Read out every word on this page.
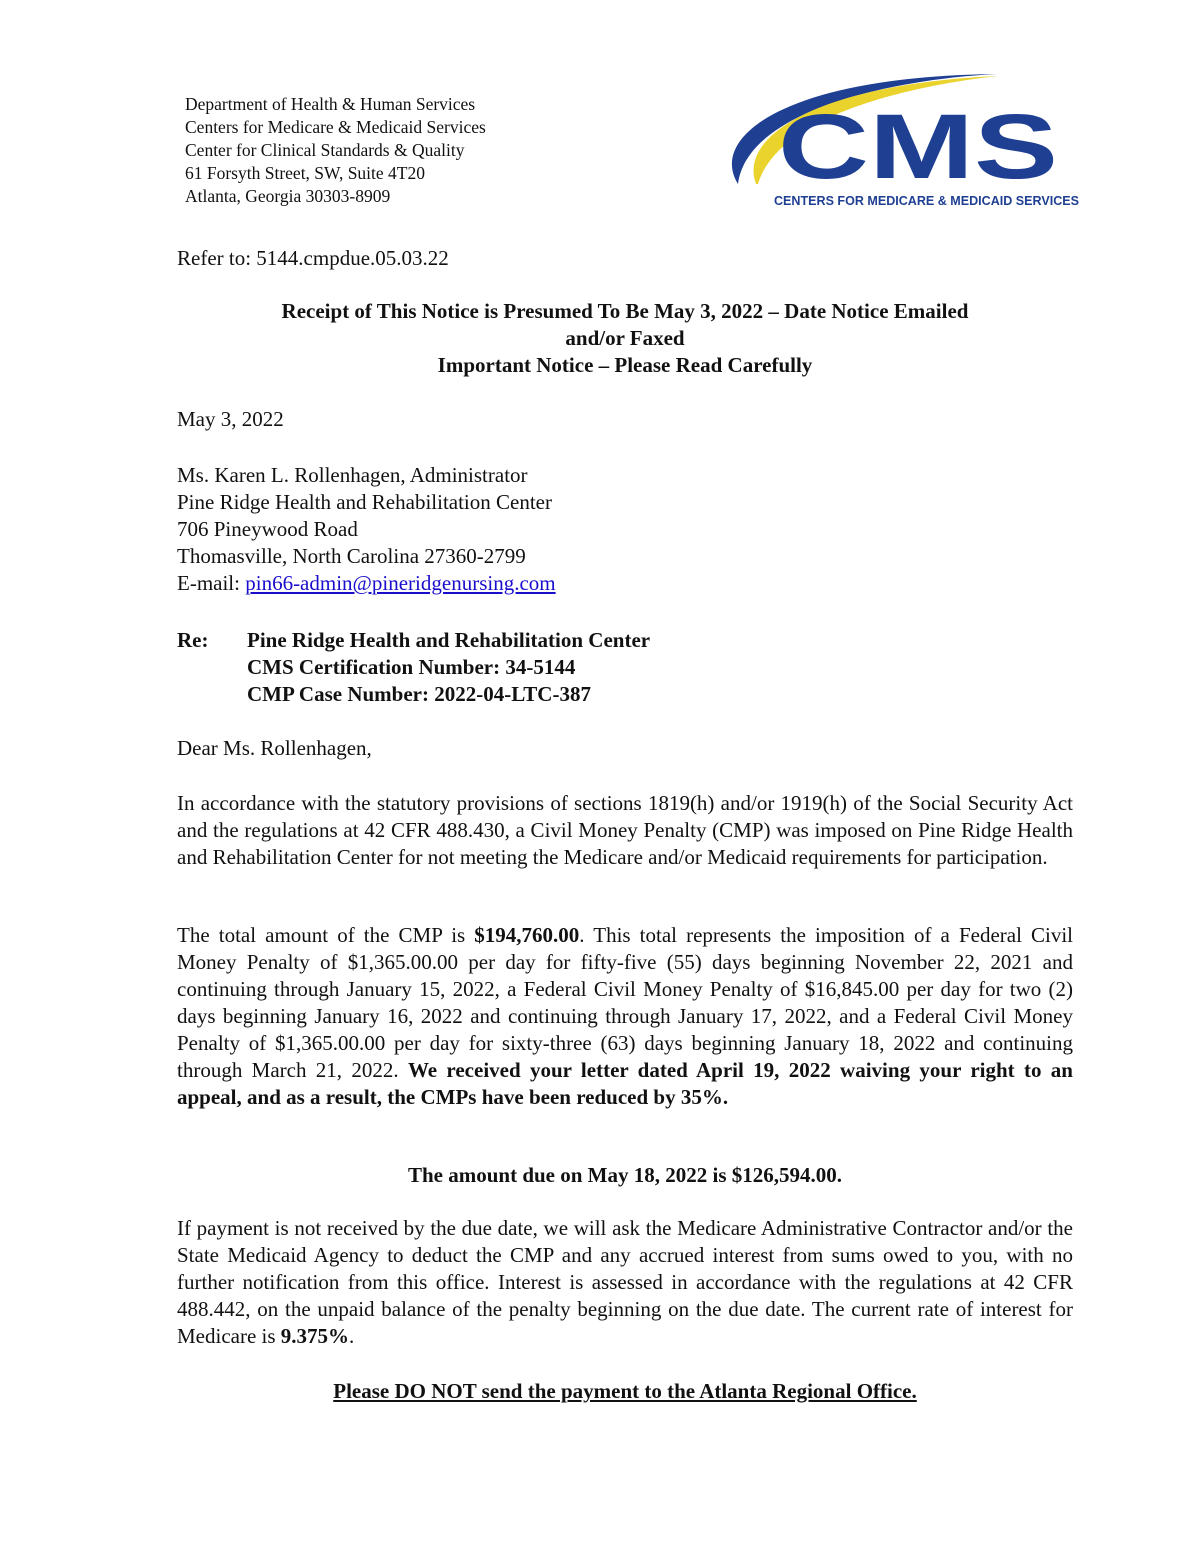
Department of Health & Human Services
Centers for Medicare & Medicaid Services
Center for Clinical Standards & Quality
61 Forsyth Street, SW, Suite 4T20
Atlanta, Georgia 30303-8909	CMS
CENTERS FOR MEDICARE & MEDICAID SERVICES
Refer to: 5144.cmpdue.05.03.22
Receipt of This Notice is Presumed To Be May 3, 2022 – Date Notice Emailed
and/or Faxed
Important Notice – Please Read Carefully
May 3, 2022
Ms. Karen L. Rollenhagen, Administrator
Pine Ridge Health and Rehabilitation Center
706 Pineywood Road
Thomasville, North Carolina 27360-2799
E-mail: pin66-admin@pineridgenursing.com
Re: Pine Ridge Health and Rehabilitation Center
CMS Certification Number: 34-5144
CMP Case Number: 2022-04-LTC-387
Dear Ms. Rollenhagen,
In accordance with the statutory provisions of sections 1819(h) and/or 1919(h) of the Social Security Act and the regulations at 42 CFR 488.430, a Civil Money Penalty (CMP) was imposed on Pine Ridge Health and Rehabilitation Center for not meeting the Medicare and/or Medicaid requirements for participation.
The total amount of the CMP is $194,760.00. This total represents the imposition of a Federal Civil Money Penalty of $1,365.00.00 per day for fifty-five (55) days beginning November 22, 2021 and continuing through January 15, 2022, a Federal Civil Money Penalty of $16,845.00 per day for two (2) days beginning January 16, 2022 and continuing through January 17, 2022, and a Federal Civil Money Penalty of $1,365.00.00 per day for sixty-three (63) days beginning January 18, 2022 and continuing through March 21, 2022. We received your letter dated April 19, 2022 waiving your right to an appeal, and as a result, the CMPs have been reduced by 35%.
The amount due on May 18, 2022 is $126,594.00.
If payment is not received by the due date, we will ask the Medicare Administrative Contractor and/or the State Medicaid Agency to deduct the CMP and any accrued interest from sums owed to you, with no further notification from this office. Interest is assessed in accordance with the regulations at 42 CFR 488.442, on the unpaid balance of the penalty beginning on the due date. The current rate of interest for Medicare is 9.375%.
Please DO NOT send the payment to the Atlanta Regional Office.
